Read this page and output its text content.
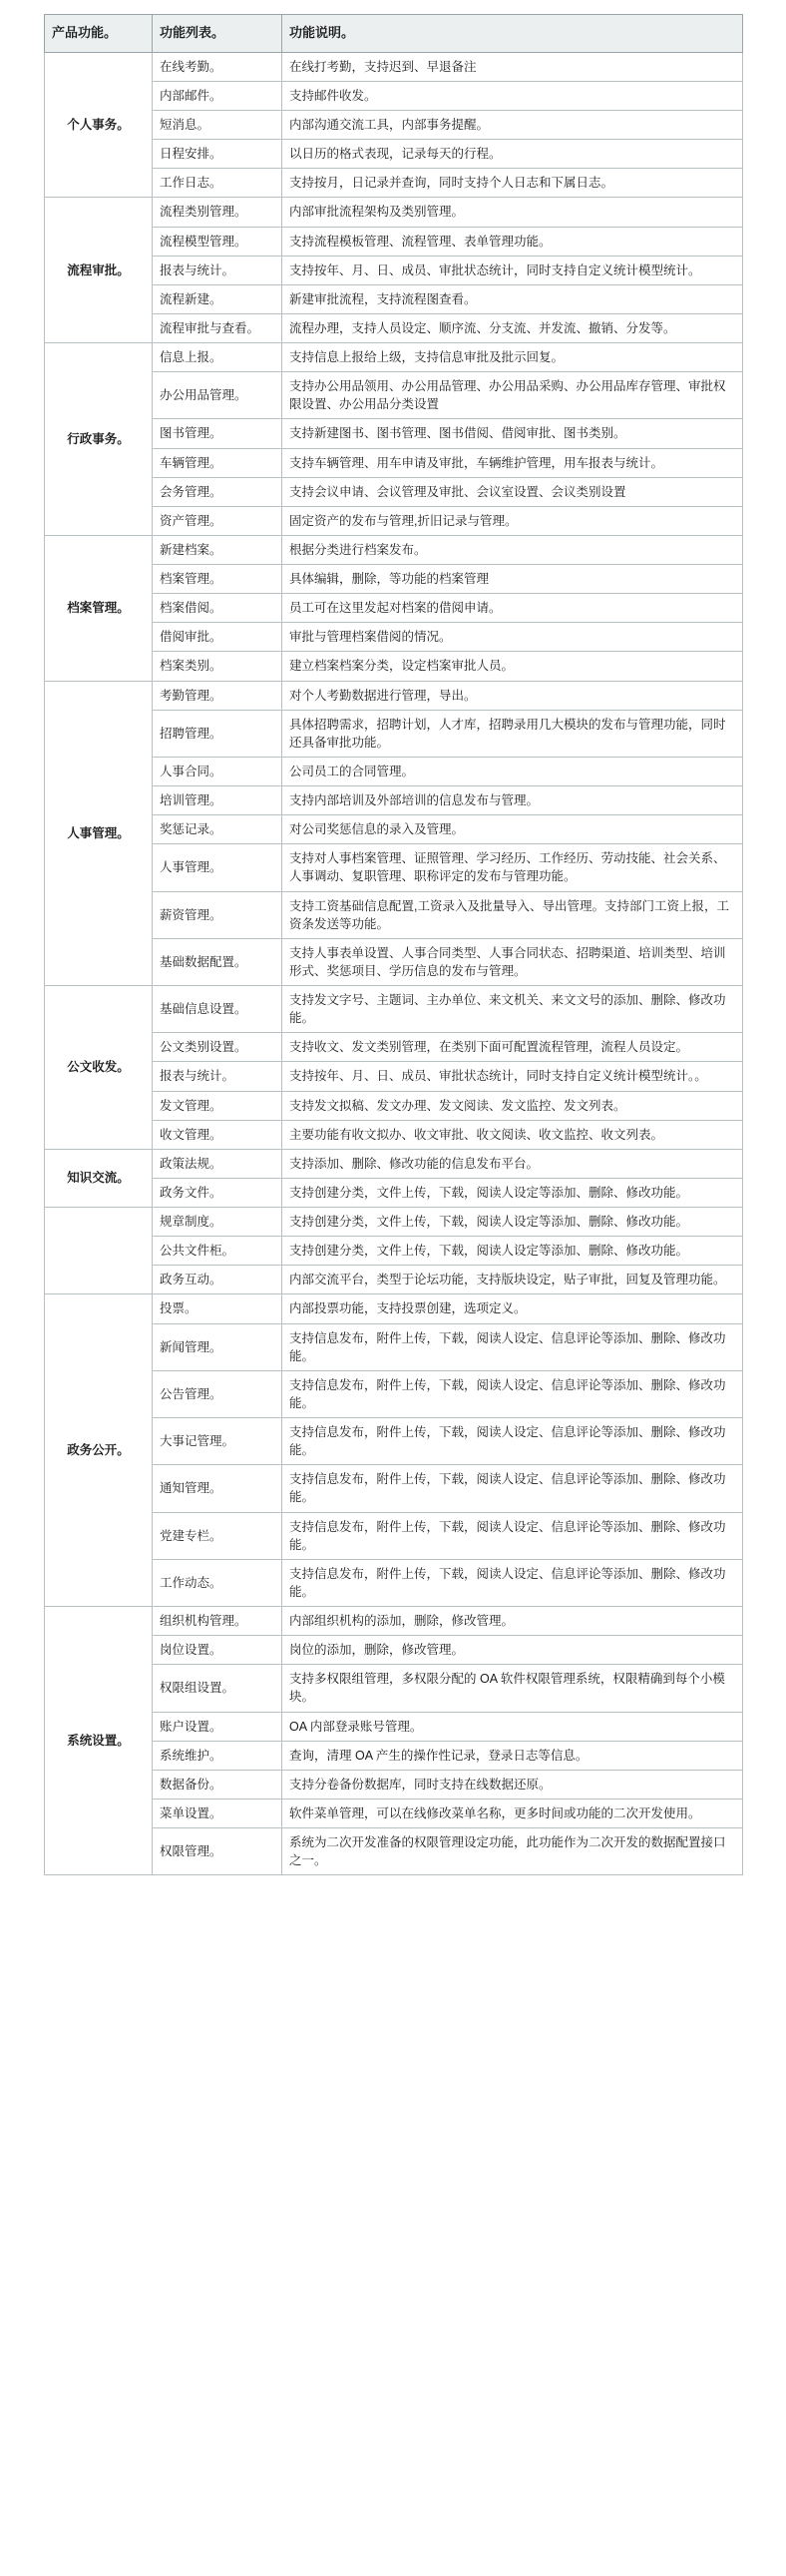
产品功能。	功能列表。	功能说明。
个人事务。	在线考勤。	在线打考勤，支持迟到、早退备注
	内部邮件。	支持邮件收发。
	短消息。	内部沟通交流工具，内部事务提醒。
	日程安排。	以日历的格式表现，记录每天的行程。
	工作日志。	支持按月，日记录并查询，同时支持个人日志和下属日志。
流程审批。	流程类别管理。	内部审批流程架构及类别管理。
	流程模型管理。	支持流程模板管理、流程管理、表单管理功能。
	报表与统计。	支持按年、月、日、成员、审批状态统计，同时支持自定义统计模型统计。
	流程新建。	新建审批流程，支持流程图查看。
	流程审批与查看。	流程办理，支持人员设定、顺序流、分支流、并发流、撤销、分发等。
行政事务。	信息上报。	支持信息上报给上级，支持信息审批及批示回复。
	办公用品管理。	支持办公用品领用、办公用品管理、办公用品采购、办公用品库存管理、审批权限设置、办公用品分类设置
	图书管理。	支持新建图书、图书管理、图书借阅、借阅审批、图书类别。
	车辆管理。	支持车辆管理、用车申请及审批，车辆维护管理，用车报表与统计。
	会务管理。	支持会议申请、会议管理及审批、会议室设置、会议类别设置
	资产管理。	固定资产的发布与管理,折旧记录与管理。
档案管理。	新建档案。	根据分类进行档案发布。
	档案管理。	具体编辑，删除，等功能的档案管理
	档案借阅。	员工可在这里发起对档案的借阅申请。
	借阅审批。	审批与管理档案借阅的情况。
	档案类别。	建立档案档案分类，设定档案审批人员。
人事管理。	考勤管理。	对个人考勤数据进行管理，导出。
	招聘管理。	具体招聘需求，招聘计划，人才库，招聘录用几大模块的发布与管理功能，同时还具备审批功能。
	人事合同。	公司员工的合同管理。
	培训管理。	支持内部培训及外部培训的信息发布与管理。
	奖惩记录。	对公司奖惩信息的录入及管理。
	人事管理。	支持对人事档案管理、证照管理、学习经历、工作经历、劳动技能、社会关系、人事调动、复职管理、职称评定的发布与管理功能。
	薪资管理。	支持工资基础信息配置,工资录入及批量导入、导出管理。支持部门工资上报，工资条发送等功能。
	基础数据配置。	支持人事表单设置、人事合同类型、人事合同状态、招聘渠道、培训类型、培训形式、奖惩项目、学历信息的发布与管理。
公文收发。	基础信息设置。	支持发文字号、主题词、主办单位、来文机关、来文文号的添加、删除、修改功能。
	公文类别设置。	支持收文、发文类别管理，在类别下面可配置流程管理，流程人员设定。
	报表与统计。	支持按年、月、日、成员、审批状态统计，同时支持自定义统计模型统计。。
	发文管理。	支持发文拟稿、发文办理、发文阅读、发文监控、发文列表。
	收文管理。	主要功能有收文拟办、收文审批、收文阅读、收文监控、收文列表。
知识交流。	政策法规。	支持添加、删除、修改功能的信息发布平台。
	政务文件。	支持创建分类，文件上传，下载，阅读人设定等添加、删除、修改功能。
	规章制度。	支持创建分类，文件上传，下载，阅读人设定等添加、删除、修改功能。
	公共文件柜。	支持创建分类，文件上传，下载，阅读人设定等添加、删除、修改功能。
	政务互动。	内部交流平台，类型于论坛功能，支持版块设定，贴子审批，回复及管理功能。
政务公开。	投票。	内部投票功能，支持投票创建，选项定义。
	新闻管理。	支持信息发布，附件上传，下载，阅读人设定、信息评论等添加、删除、修改功能。
	公告管理。	支持信息发布，附件上传，下载，阅读人设定、信息评论等添加、删除、修改功能。
	大事记管理。	支持信息发布，附件上传，下载，阅读人设定、信息评论等添加、删除、修改功能。
	通知管理。	支持信息发布，附件上传，下载，阅读人设定、信息评论等添加、删除、修改功能。
	党建专栏。	支持信息发布，附件上传，下载，阅读人设定、信息评论等添加、删除、修改功能。
	工作动态。	支持信息发布，附件上传，下载，阅读人设定、信息评论等添加、删除、修改功能。
系统设置。	组织机构管理。	内部组织机构的添加，删除，修改管理。
	岗位设置。	岗位的添加，删除，修改管理。
	权限组设置。	支持多权限组管理，多权限分配的 OA 软件权限管理系统，权限精确到每个小模块。
	账户设置。	OA 内部登录账号管理。
	系统维护。	查询，清理 OA 产生的操作性记录，登录日志等信息。
	数据备份。	支持分卷备份数据库，同时支持在线数据还原。
	菜单设置。	软件菜单管理，可以在线修改菜单名称，更多时间或功能的二次开发使用。
	权限管理。	系统为二次开发准备的权限管理设定功能，此功能作为二次开发的数据配置接口之一。
